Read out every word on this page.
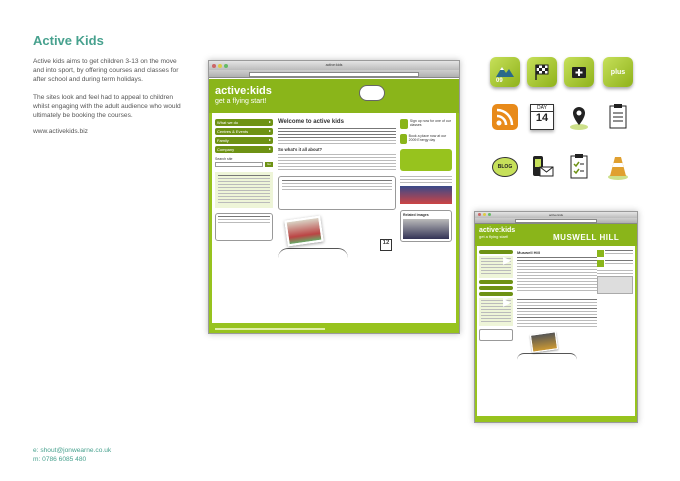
Active Kids

Active kids aims to get children 3-13 on the move and into sport, by offering courses and classes for after school and during term holidays.

The sites look and feel had to appeal to children whilst engaging with the adult audience who would ultimately be booking the courses.

www.activekids.biz
e: shout@jonwearne.co.uk
m: 0786 6085 480
active:kids
active:kids
get a flying start!
What we do ▸
Centres & Events ▸
Family ▸
Company ▸
Search site
Go
Welcome to active kids
So what's it all about?
12
Sign up now for one of our classes
Book a place now at our 2009 Energy day
Related images	active:kids
active:kids
get a flying start!	MUSWELL HILL
▸
▸
▸
▸
Muswell Hill
09
plus
DAY
14
BLOG
